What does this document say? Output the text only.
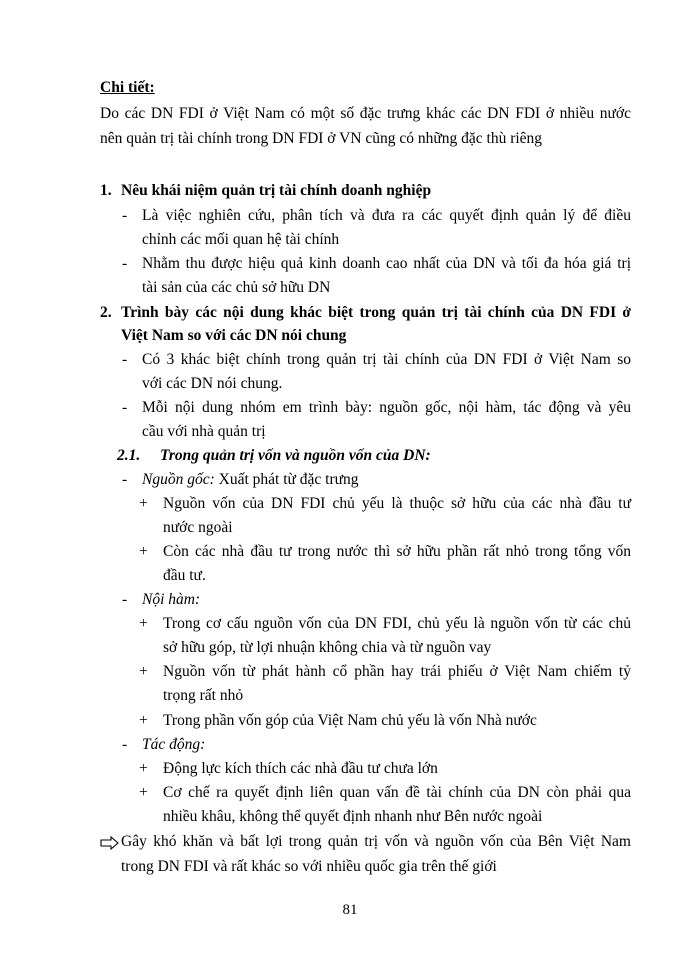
Chi tiết:
Do các DN FDI ở Việt Nam có một số đặc trưng khác các DN FDI ở nhiều nước
nên quản trị tài chính trong DN FDI ở VN cũng có những đặc thù riêng
1. Nêu khái niệm quản trị tài chính doanh nghiệp
- Là việc nghiên cứu, phân tích và đưa ra các quyết định quản lý để điều
chỉnh các mối quan hệ tài chính
- Nhằm thu được hiệu quả kinh doanh cao nhất của DN và tối đa hóa giá trị
tài sản của các chủ sở hữu DN
2. Trình bày các nội dung khác biệt trong quản trị tài chính của DN FDI ở
Việt Nam so với các DN nói chung
- Có 3 khác biệt chính trong quản trị tài chính của DN FDI ở Việt Nam so
với các DN nói chung.
- Mỗi nội dung nhóm em trình bày: nguồn gốc, nội hàm, tác động và yêu
cầu với nhà quản trị
2.1. Trong quản trị vốn và nguồn vốn của DN:
- Nguồn gốc: Xuất phát từ đặc trưng
+ Nguồn vốn của DN FDI chủ yếu là thuộc sở hữu của các nhà đầu tư
nước ngoài
+ Còn các nhà đầu tư trong nước thì sở hữu phần rất nhỏ trong tổng vốn
đầu tư.
- Nội hàm:
+ Trong cơ cấu nguồn vốn của DN FDI, chủ yếu là nguồn vốn từ các chủ
sở hữu góp, từ lợi nhuận không chia và từ nguồn vay
+ Nguồn vốn từ phát hành cổ phần hay trái phiếu ở Việt Nam chiếm tỷ
trọng rất nhỏ
+ Trong phần vốn góp của Việt Nam chủ yếu là vốn Nhà nước
- Tác động:
+ Động lực kích thích các nhà đầu tư chưa lớn
+ Cơ chế ra quyết định liên quan vấn đề tài chính của DN còn phải qua
nhiều khâu, không thể quyết định nhanh như Bên nước ngoài
Gây khó khăn và bất lợi trong quản trị vốn và nguồn vốn của Bên Việt Nam
trong DN FDI và rất khác so với nhiều quốc gia trên thế giới
81
